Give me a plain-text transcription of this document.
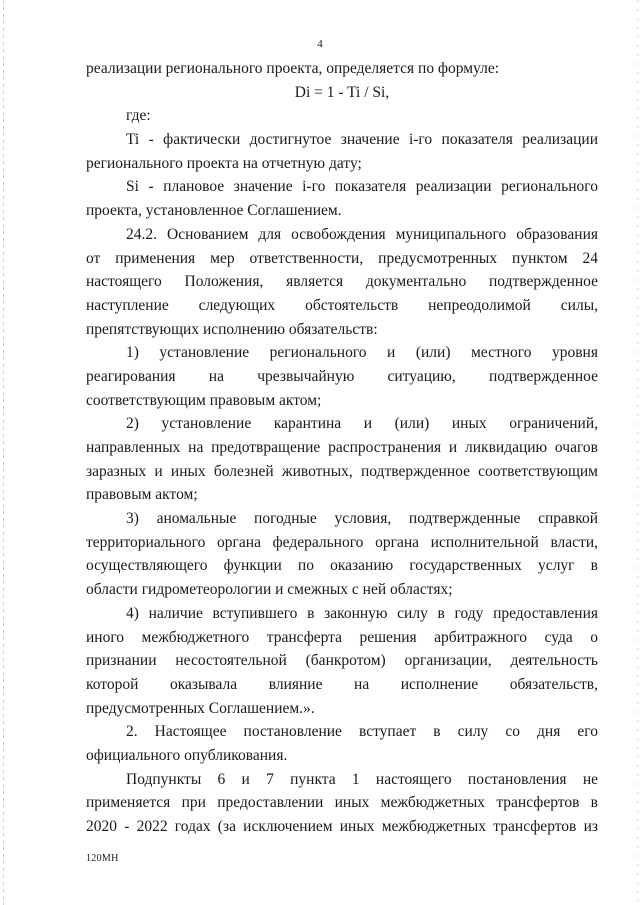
4
реализации регионального проекта, определяется по формуле:
Di = 1 - Ti / Si,
где:
Ti - фактически достигнутое значение i-го показателя реализации
регионального проекта на отчетную дату;
Si - плановое значение i-го показателя реализации регионального
проекта, установленное Соглашением.
24.2. Основанием для освобождения муниципального образования
от применения мер ответственности, предусмотренных пунктом 24
настоящего Положения, является документально подтвержденное
наступление следующих обстоятельств непреодолимой силы,
препятствующих исполнению обязательств:
1) установление регионального и (или) местного уровня
реагирования на чрезвычайную ситуацию, подтвержденное
соответствующим правовым актом;
2) установление карантина и (или) иных ограничений,
направленных на предотвращение распространения и ликвидацию очагов
заразных и иных болезней животных, подтвержденное соответствующим
правовым актом;
3) аномальные погодные условия, подтвержденные справкой
территориального органа федерального органа исполнительной власти,
осуществляющего функции по оказанию государственных услуг в
области гидрометеорологии и смежных с ней областях;
4) наличие вступившего в законную силу в году предоставления
иного межбюджетного трансферта решения арбитражного суда о
признании несостоятельной (банкротом) организации, деятельность
которой оказывала влияние на исполнение обязательств,
предусмотренных Соглашением.».
2. Настоящее постановление вступает в силу со дня его
официального опубликования.
Подпункты 6 и 7 пункта 1 настоящего постановления не
применяется при предоставлении иных межбюджетных трансфертов в
2020 - 2022 годах (за исключением иных межбюджетных трансфертов из
120МН
